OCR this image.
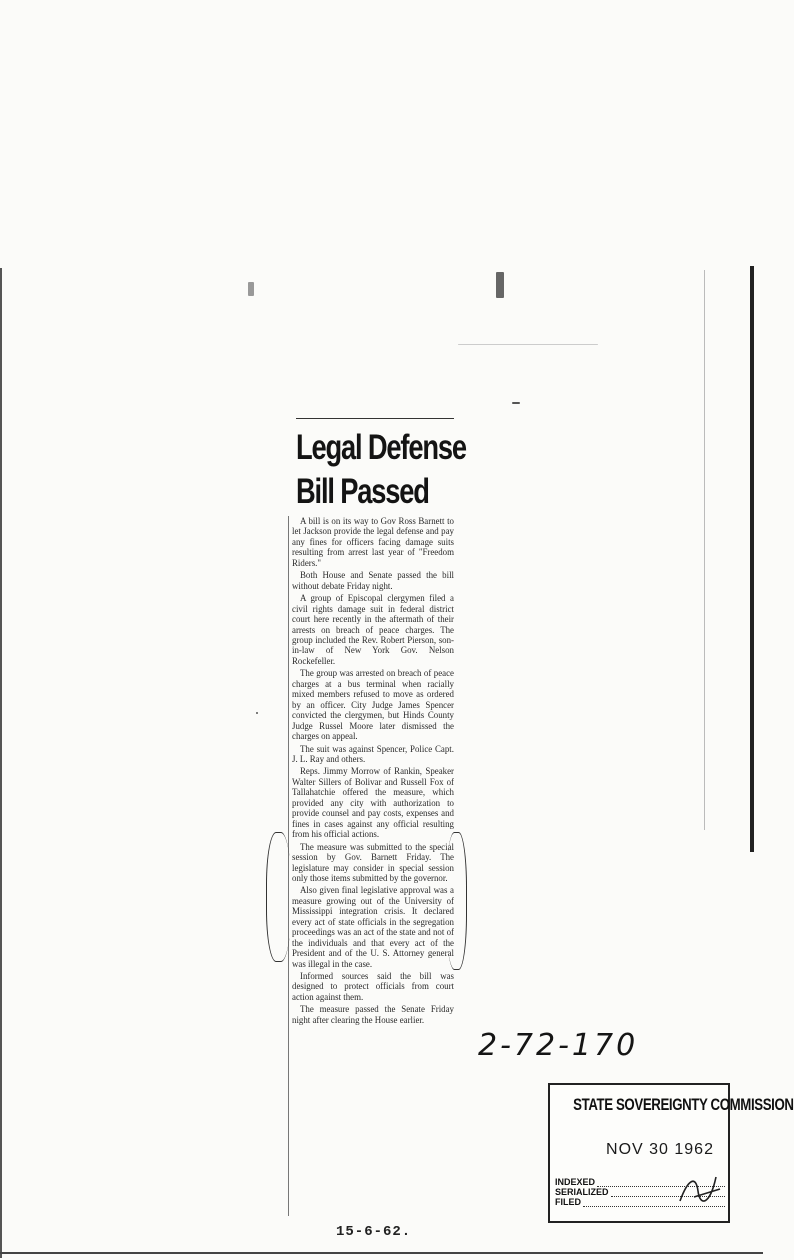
Legal Defense
Bill Passed

A bill is on its way to Gov Ross Barnett to let Jackson provide the legal defense and pay any fines for officers facing damage suits resulting from arrest last year of "Freedom Riders."

Both House and Senate passed the bill without debate Friday night.

A group of Episcopal clergymen filed a civil rights damage suit in federal district court here recently in the aftermath of their arrests on breach of peace charges. The group included the Rev. Robert Pierson, son-in-law of New York Gov. Nelson Rockefeller.

The group was arrested on breach of peace charges at a bus terminal when racially mixed members refused to move as ordered by an officer. City Judge James Spencer convicted the clergymen, but Hinds County Judge Russel Moore later dismissed the charges on appeal.

The suit was against Spencer, Police Capt. J. L. Ray and others.

Reps. Jimmy Morrow of Rankin, Speaker Walter Sillers of Bolivar and Russell Fox of Tallahatchie offered the measure, which provided any city with authorization to provide counsel and pay costs, expenses and fines in cases against any official resulting from his official actions.

The measure was submitted to the special session by Gov. Barnett Friday. The legislature may consider in special session only those items submitted by the governor.

Also given final legislative approval was a measure growing out of the University of Mississippi integration crisis. It declared every act of state officials in the segregation proceedings was an act of the state and not of the individuals and that every act of the President and of the U. S. Attorney general was illegal in the case.

Informed sources said the bill was designed to protect officials from court action against them.

The measure passed the Senate Friday night after clearing the House earlier.

15-6-62.
2-72-170
STATE SOVEREIGNTY COMMISSION
NOV 30 1962
INDEXED
SERIALIZED
FILED
